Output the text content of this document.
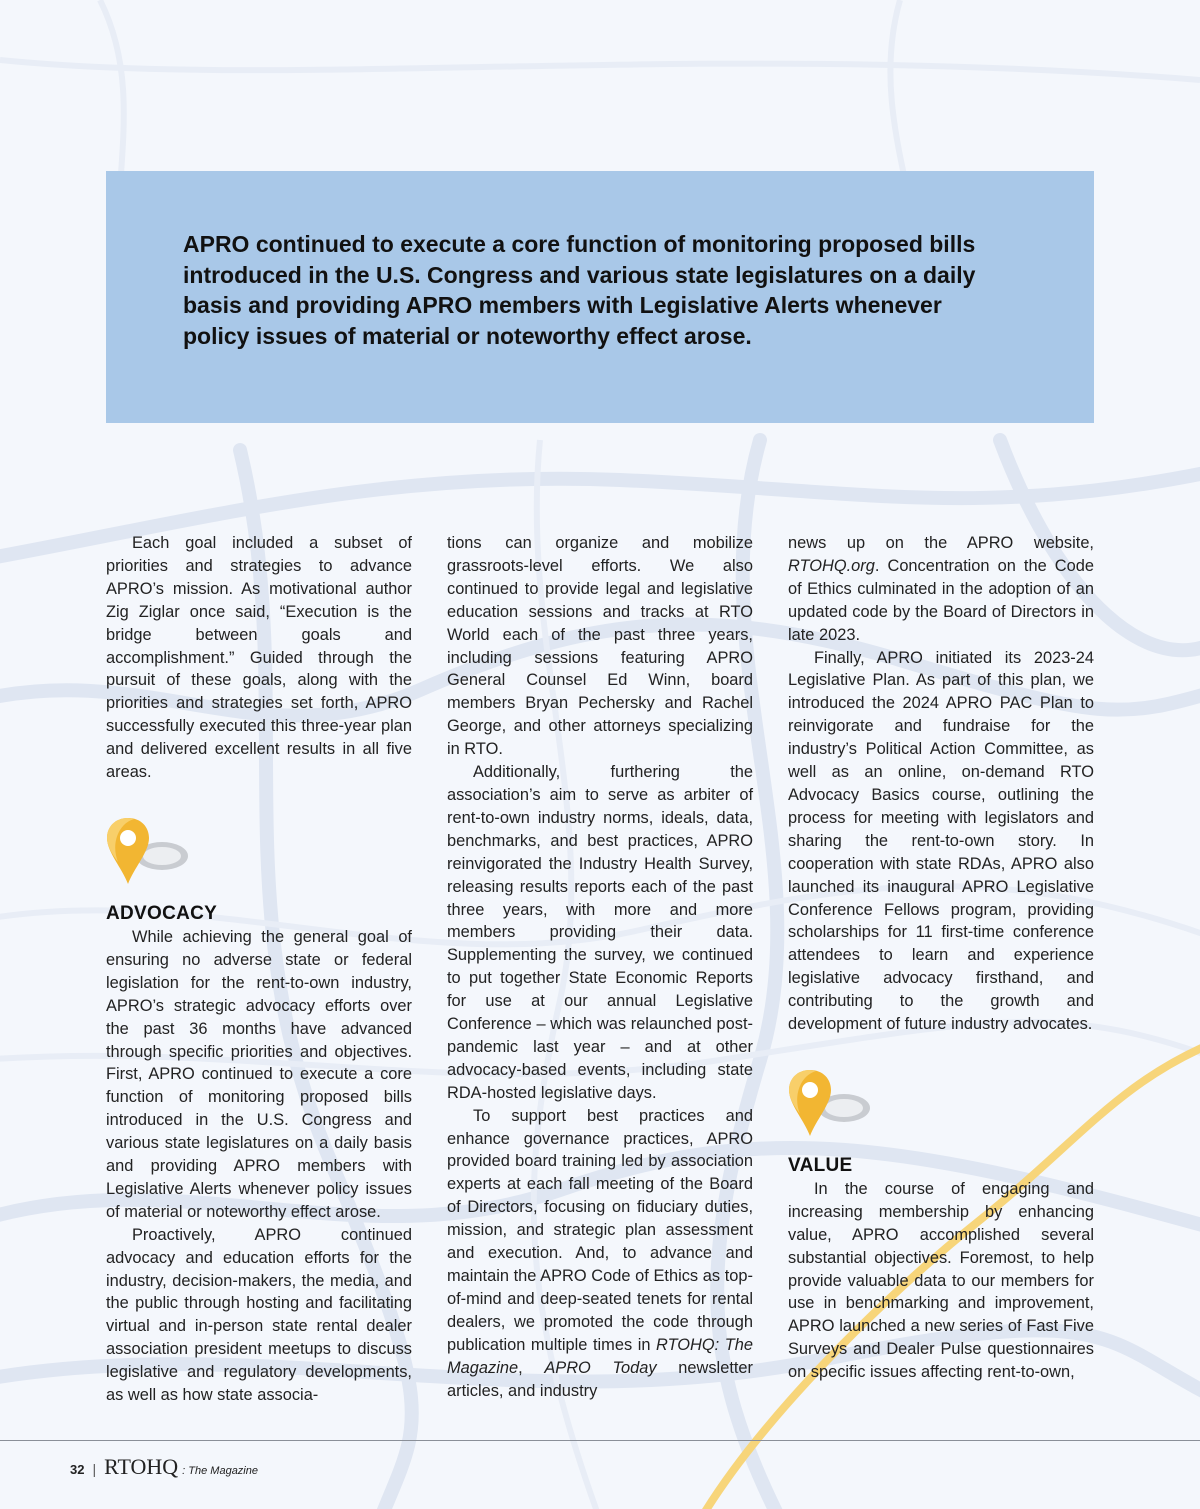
APRO continued to execute a core function of monitoring proposed bills introduced in the U.S. Congress and various state legislatures on a daily basis and providing APRO members with Legislative Alerts whenever policy issues of material or noteworthy effect arose.

Each goal included a subset of priorities and strategies to advance APRO’s mission. As motivational author Zig Ziglar once said, “Execution is the bridge between goals and accomplishment.” Guided through the pursuit of these goals, along with the priorities and strategies set forth, APRO successfully executed this three-year plan and delivered excellent results in all five areas.

ADVOCACY

While achieving the general goal of ensuring no adverse state or federal legislation for the rent-to-own industry, APRO’s strategic advocacy efforts over the past 36 months have advanced through specific priorities and objectives. First, APRO continued to execute a core function of monitoring proposed bills introduced in the U.S. Congress and various state legislatures on a daily basis and providing APRO members with Legislative Alerts whenever policy issues of material or noteworthy effect arose.

Proactively, APRO continued advocacy and education efforts for the industry, decision-makers, the media, and the public through hosting and facilitating virtual and in-person state rental dealer association president meetups to discuss legislative and regulatory developments, as well as how state associa-

tions can organize and mobilize grassroots-level efforts. We also continued to provide legal and legislative education sessions and tracks at RTO World each of the past three years, including sessions featuring APRO General Counsel Ed Winn, board members Bryan Pechersky and Rachel George, and other attorneys specializing in RTO.

Additionally, furthering the association’s aim to serve as arbiter of rent-to-own industry norms, ideals, data, benchmarks, and best practices, APRO reinvigorated the Industry Health Survey, releasing results reports each of the past three years, with more and more members providing their data. Supplementing the survey, we continued to put together State Economic Reports for use at our annual Legislative Conference – which was relaunched post-pandemic last year – and at other advocacy-based events, including state RDA-hosted legislative days.

To support best practices and enhance governance practices, APRO provided board training led by association experts at each fall meeting of the Board of Directors, focusing on fiduciary duties, mission, and strategic plan assessment and execution. And, to advance and maintain the APRO Code of Ethics as top-of-mind and deep-seated tenets for rental dealers, we promoted the code through publication multiple times in RTOHQ: The Magazine, APRO Today newsletter articles, and industry

news up on the APRO website, RTOHQ.org. Concentration on the Code of Ethics culminated in the adoption of an updated code by the Board of Directors in late 2023.

Finally, APRO initiated its 2023-24 Legislative Plan. As part of this plan, we introduced the 2024 APRO PAC Plan to reinvigorate and fundraise for the industry’s Political Action Committee, as well as an online, on-demand RTO Advocacy Basics course, outlining the process for meeting with legislators and sharing the rent-to-own story. In cooperation with state RDAs, APRO also launched its inaugural APRO Legislative Conference Fellows program, providing scholarships for 11 first-time conference attendees to learn and experience legislative advocacy firsthand, and contributing to the growth and development of future industry advocates.

VALUE

In the course of engaging and increasing membership by enhancing value, APRO accomplished several substantial objectives. Foremost, to help provide valuable data to our members for use in benchmarking and improvement, APRO launched a new series of Fast Five Surveys and Dealer Pulse questionnaires on specific issues affecting rent-to-own,

32 | RTOHQ : The Magazine
